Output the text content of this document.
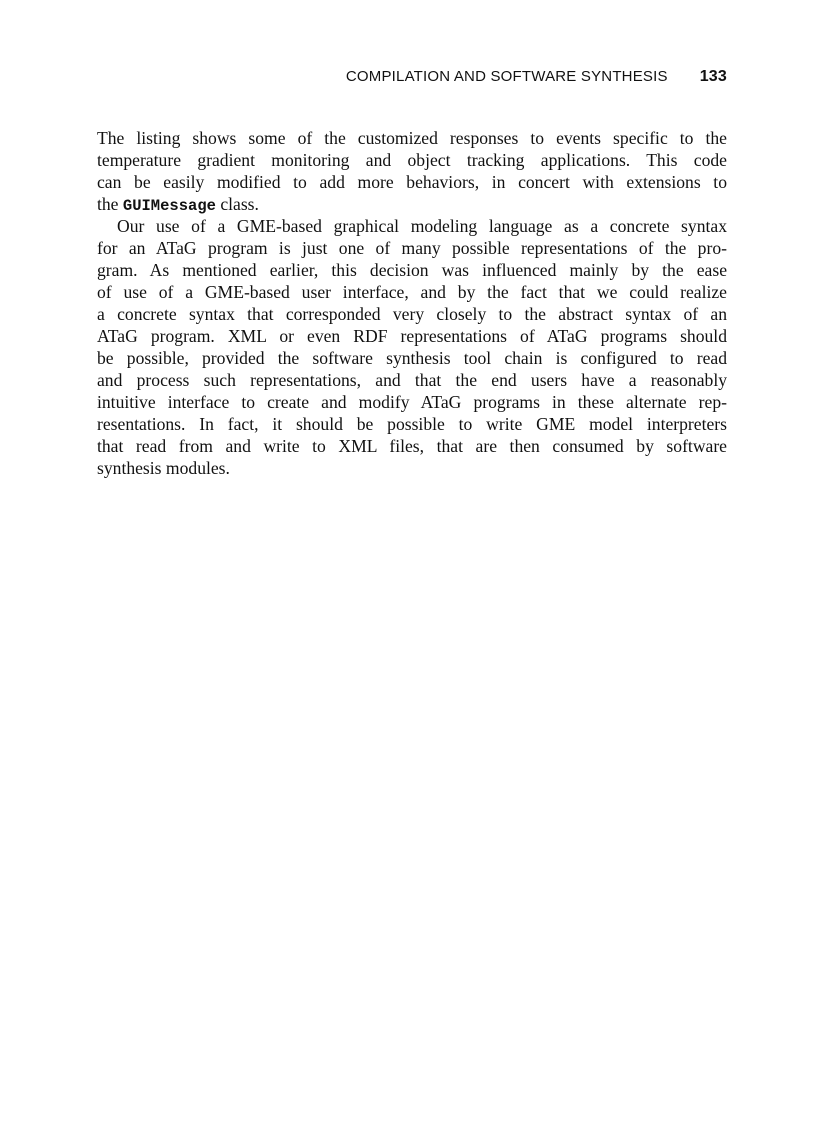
COMPILATION AND SOFTWARE SYNTHESIS 133
The listing shows some of the customized responses to events specific to the
temperature gradient monitoring and object tracking applications. This code
can be easily modified to add more behaviors, in concert with extensions to
the GUIMessage class.
Our use of a GME-based graphical modeling language as a concrete syntax
for an ATaG program is just one of many possible representations of the pro-
gram. As mentioned earlier, this decision was influenced mainly by the ease
of use of a GME-based user interface, and by the fact that we could realize
a concrete syntax that corresponded very closely to the abstract syntax of an
ATaG program. XML or even RDF representations of ATaG programs should
be possible, provided the software synthesis tool chain is configured to read
and process such representations, and that the end users have a reasonably
intuitive interface to create and modify ATaG programs in these alternate rep-
resentations. In fact, it should be possible to write GME model interpreters
that read from and write to XML files, that are then consumed by software
synthesis modules.
